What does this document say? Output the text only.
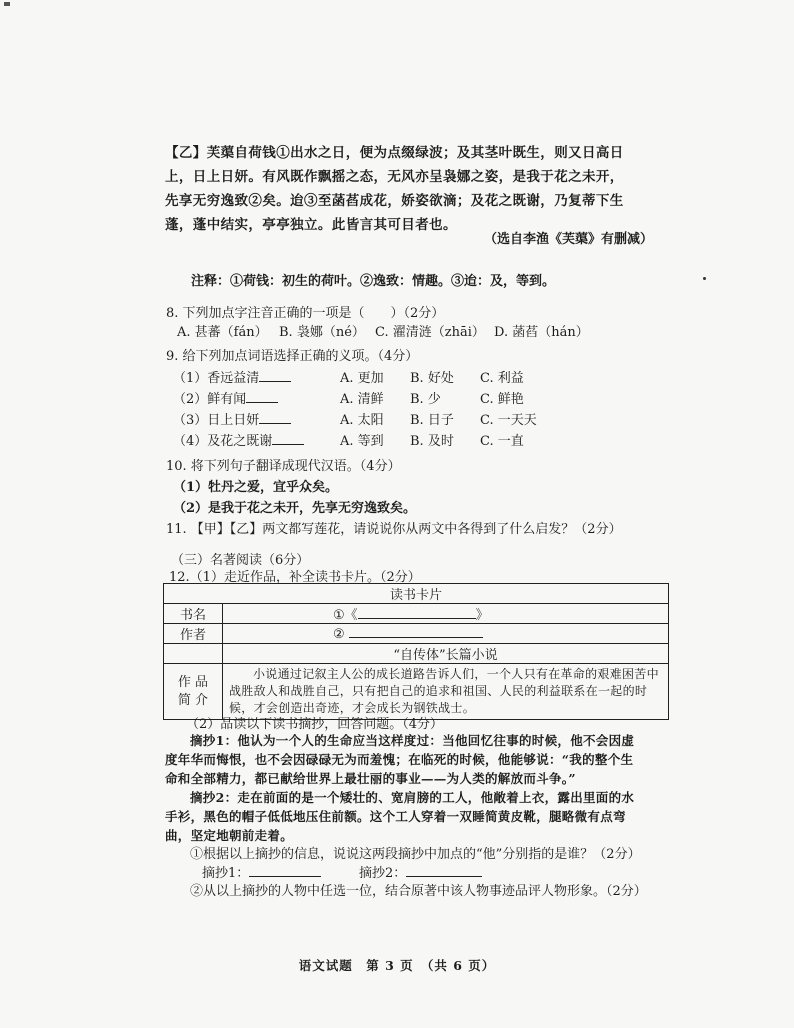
【乙】芙蕖自荷钱①出水之日，便为点缀绿波；及其茎叶既生，则又日高日上，日上日妍。有风既作飘摇之态，无风亦呈袅娜之姿，是我于花之未开，先享无穷逸致②矣。迨③至菡萏成花，娇姿欲滴；及花之既谢，乃复蒂下生蓬，蓬中结实，亭亭独立。此皆言其可目者也。
（选自李渔《芙蕖》有删减）
注释：①荷钱：初生的荷叶。②逸致：情趣。③迨：及，等到。
8. 下列加点字注音正确的一项是（　　）（2分）
A. 甚蕃（fán） B. 袅娜（né） C. 濯清涟（zhāi） D. 菡萏（hán）
9. 给下列加点词语选择正确的义项。（4分）
（1）香远益清	A. 更加 B. 好处 C. 利益
（2）鲜有闻	A. 清鲜 B. 少	C. 鲜艳
（3）日上日妍	A. 太阳 B. 日子 C. 一天天
（4）及花之既谢	A. 等到 B. 及时 C. 一直
10. 将下列句子翻译成现代汉语。（4分）
（1）牡丹之爱，宜乎众矣。
（2）是我于花之未开，先享无穷逸致矣。
11. 【甲】【乙】两文都写莲花，请说说你从两文中各得到了什么启发？（2分）
（三）名著阅读（6分）
12.（1）走近作品，补全读书卡片。（2分）
读书卡片	
书名	①《 》
作者	②
	“自传体”长篇小说
作 品
简 介	小说通过记叙主人公的成长道路告诉人们，一个人只有在革命的艰难困苦中战胜敌人和战胜自己，只有把自己的追求和祖国、人民的利益联系在一起的时候，才会创造出奇迹，才会成长为钢铁战士。
（2）品读以下读书摘抄，回答问题。（4分）
摘抄1：他认为一个人的生命应当这样度过：当他回忆往事的时候，他不会因虚度年华而悔恨，也不会因碌碌无为而羞愧；在临死的时候，他能够说：“我的整个生命和全部精力，都已献给世界上最壮丽的事业——为人类的解放而斗争。”
摘抄2：走在前面的是一个矮壮的、宽肩膀的工人，他敞着上衣，露出里面的水手衫，黑色的帽子低低地压住前额。这个工人穿着一双睡简黄皮靴，腿略微有点弯曲，坚定地朝前走着。
①根据以上摘抄的信息，说说这两段摘抄中加点的“他”分别指的是谁？（2分）
摘抄1：	摘抄2：
②从以上摘抄的人物中任选一位，结合原著中该人物事迹品评人物形象。（2分）
语文试题　第 3 页　（共 6 页）
